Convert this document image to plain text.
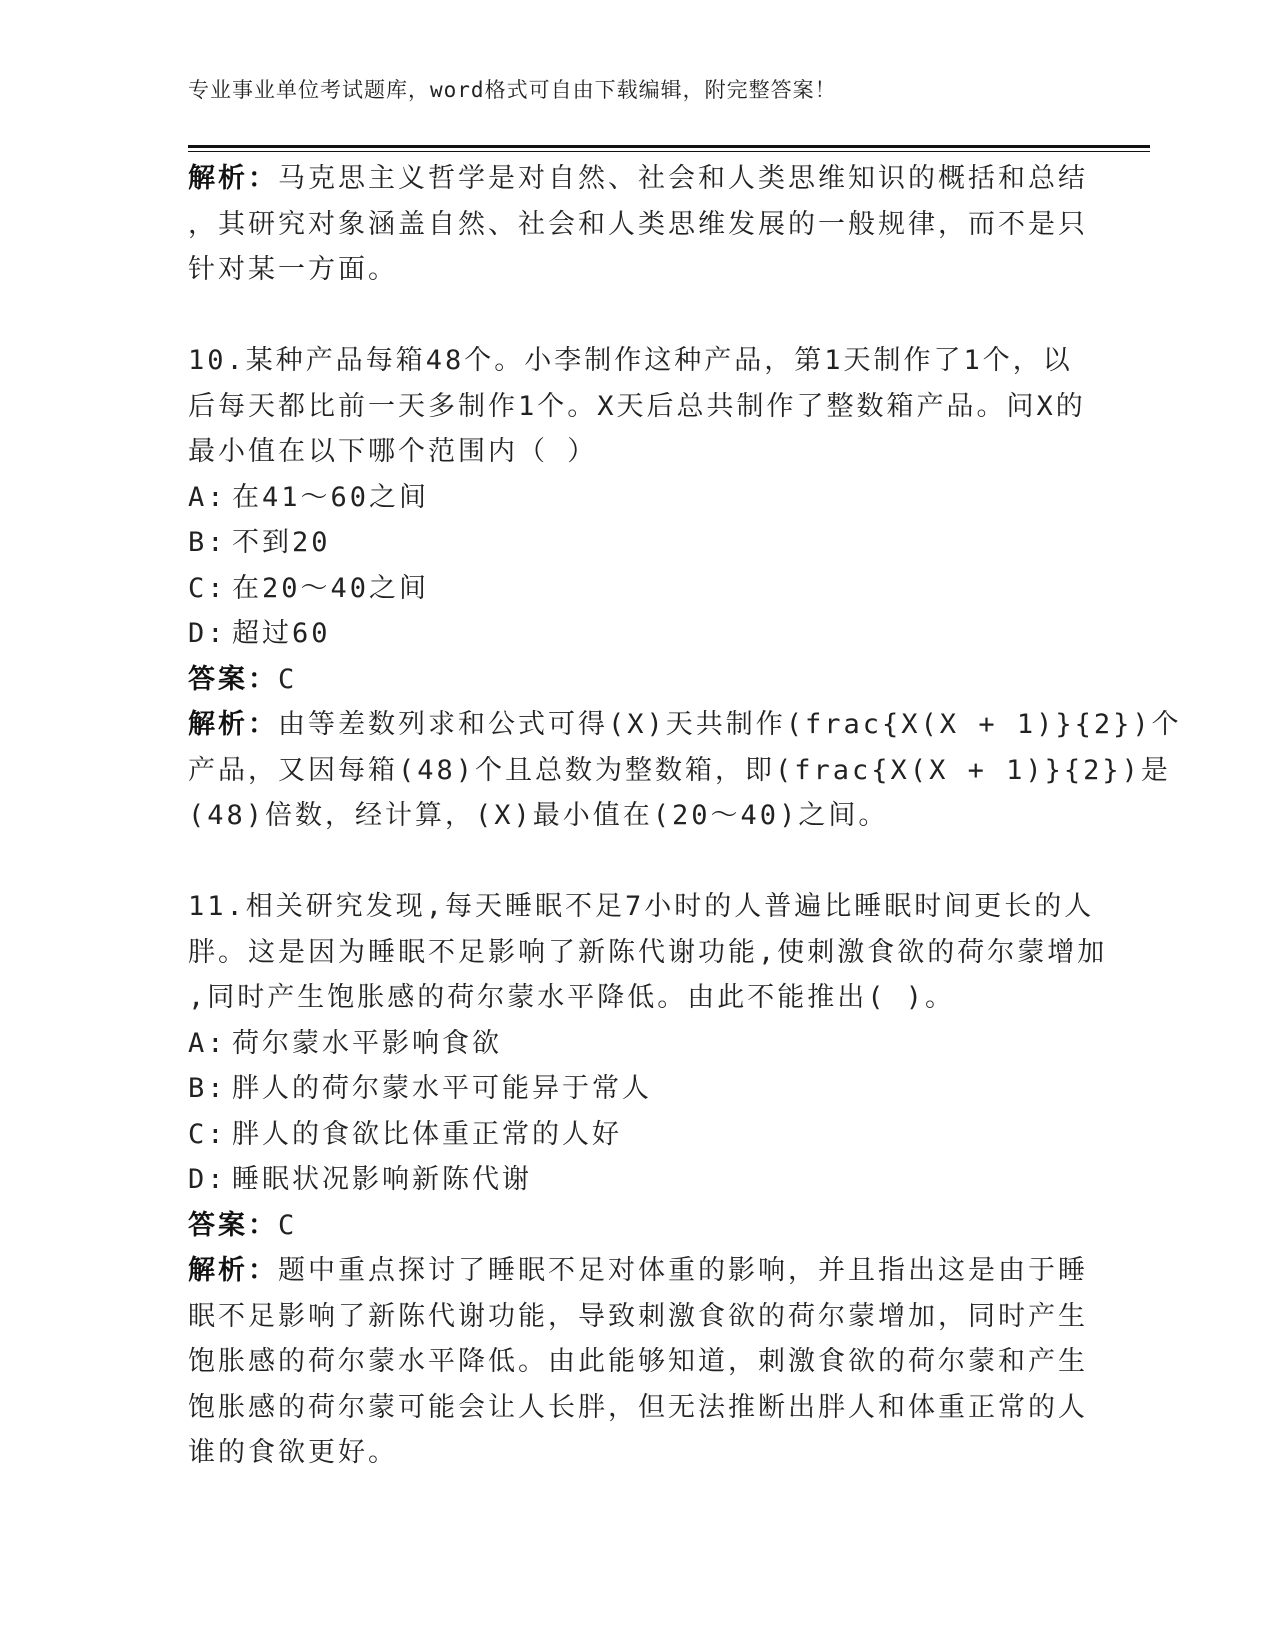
专业事业单位考试题库，word格式可自由下载编辑，附完整答案！
解析：马克思主义哲学是对自然、社会和人类思维知识的概括和总结
，其研究对象涵盖自然、社会和人类思维发展的一般规律，而不是只
针对某一方面。
10.某种产品每箱48个。小李制作这种产品，第1天制作了1个，以
后每天都比前一天多制作1个。X天后总共制作了整数箱产品。问X的
最小值在以下哪个范围内（ ）
A: 在41～60之间
B: 不到20
C: 在20～40之间
D: 超过60
答案：C
解析：由等差数列求和公式可得(X)天共制作(frac{X(X + 1)}{2})个
产品，又因每箱(48)个且总数为整数箱，即(frac{X(X + 1)}{2})是
(48)倍数，经计算，(X)最小值在(20～40)之间。
11.相关研究发现,每天睡眠不足7小时的人普遍比睡眠时间更长的人
胖。这是因为睡眠不足影响了新陈代谢功能,使刺激食欲的荷尔蒙增加
,同时产生饱胀感的荷尔蒙水平降低。由此不能推出( )。
A: 荷尔蒙水平影响食欲
B: 胖人的荷尔蒙水平可能异于常人
C: 胖人的食欲比体重正常的人好
D: 睡眠状况影响新陈代谢
答案：C
解析：题中重点探讨了睡眠不足对体重的影响，并且指出这是由于睡
眠不足影响了新陈代谢功能，导致刺激食欲的荷尔蒙增加，同时产生
饱胀感的荷尔蒙水平降低。由此能够知道，刺激食欲的荷尔蒙和产生
饱胀感的荷尔蒙可能会让人长胖，但无法推断出胖人和体重正常的人
谁的食欲更好。
